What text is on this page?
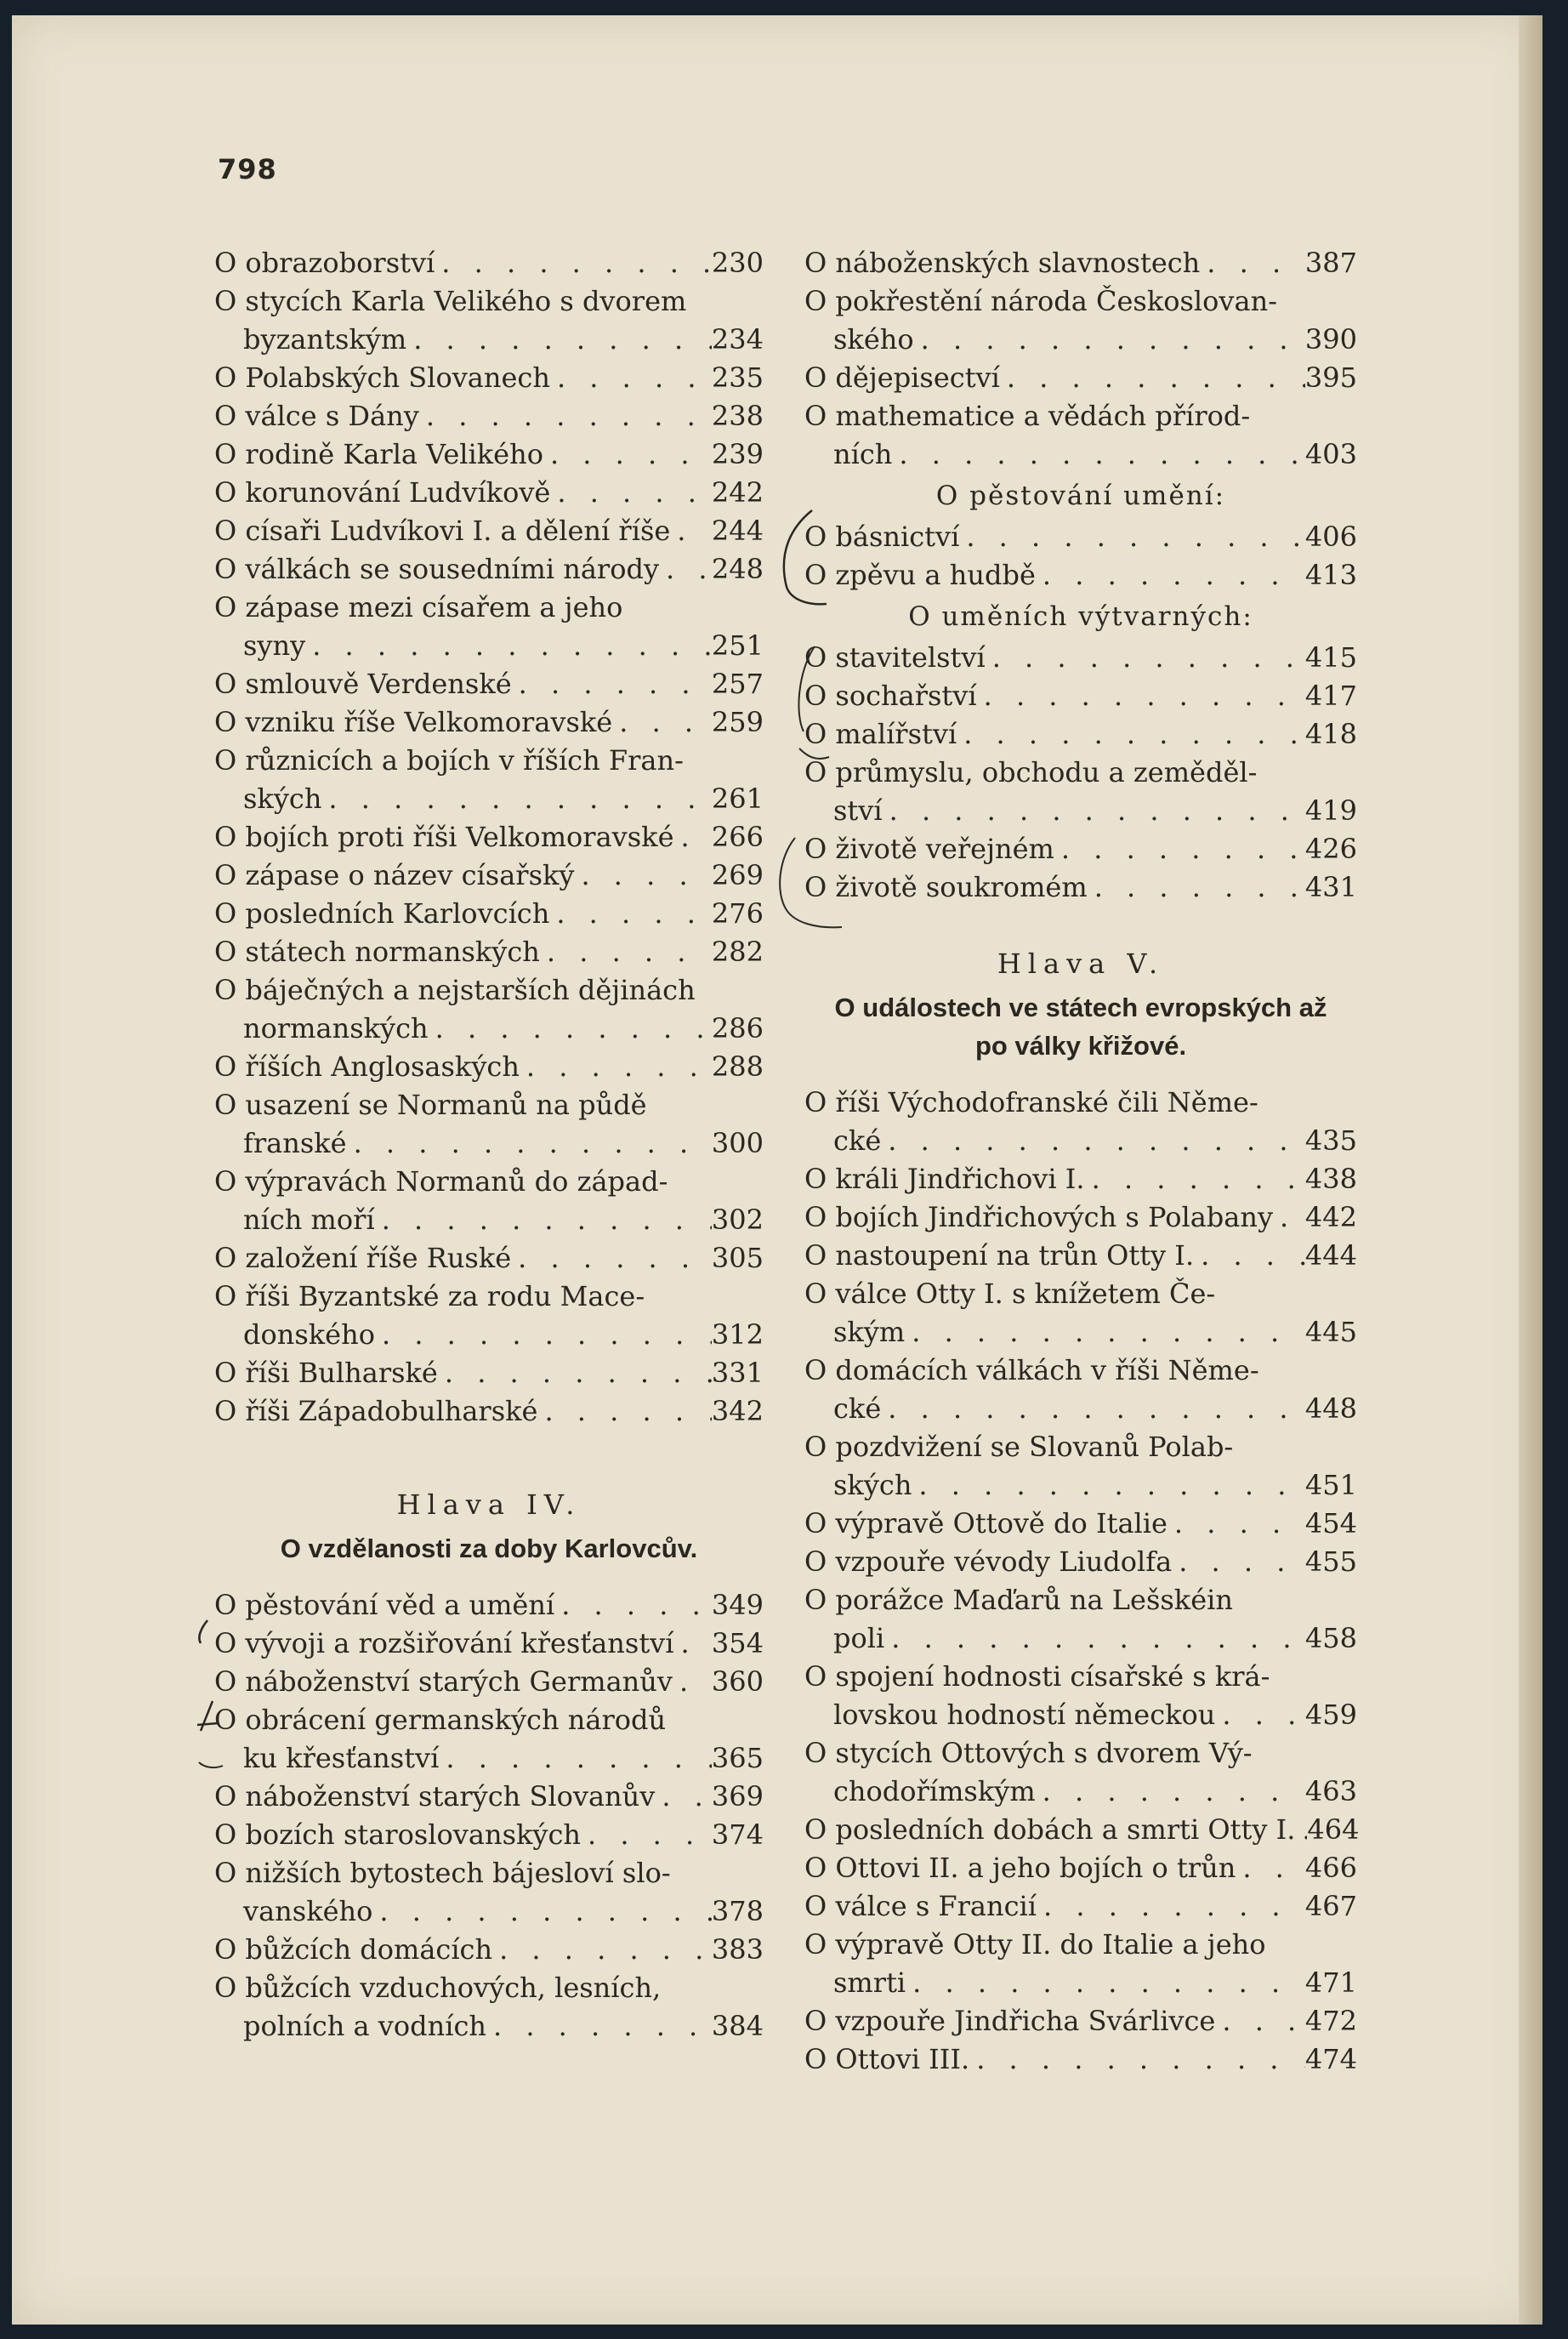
798
O obrazoborství . . .	230
O stycích Karla Velikého s dvorem
byzantským . . .	234
O Polabských Slovanech . . .	235
O válce s Dány . . .	238
O rodině Karla Velikého . . .	239
O korunování Ludvíkově . . .	242
O císaři Ludvíkovi I. a dělení říše . . . 244
O válkách se sousedními národy . . . 248
O zápase mezi císařem a jeho
syny . . .	251
O smlouvě Verdenské . . .	257
O vzniku říše Velkomoravské . . .	259
O různicích a bojích v říších Fran-
ských . . .	261
O bojích proti říši Velkomoravské . . . 266
O zápase o název císařský . . .	269
O posledních Karlovcích . . .	276
O státech normanských . . .	282
O báječných a nejstarších dějinách
normanských . . .	286
O říších Anglosaských . . .	288
O usazení se Normanů na půdě
franské . . .	300
O výpravách Normanů do západ-
ních moří . . .	302
O založení říše Ruské . . .	305
O říši Byzantské za rodu Mace-
donského . . .	312
O říši Bulharské . . .	331
O říši Západobulharské . . .	342
Hlava IV.
O vzdělanosti za doby Karlovcův.
O pěstování věd a umění . . .	349
O vývoji a rozšiřování křesťanství . . . 354
O náboženství starých Germanův . . . 360
O obrácení germanských národů
ku křesťanství . . .	365
O náboženství starých Slovanův . . . 369
O bozích staroslovanských . . .	374
O nižších bytostech bájesloví slo-
vanského . . .	378
O bůžcích domácích . . .	383
O bůžcích vzduchových, lesních,
polních a vodních . . .	384
O náboženských slavnostech . . .	387
O pokřestění národa Českoslovan-
ského . . .	390
O dějepisectví . . .	395
O mathematice a vědách přírod-
ních . . .	403
O pěstování umění:
O básnictví . . .	406
O zpěvu a hudbě . . .	413
O uměních výtvarných:
O stavitelství . . .	415
O sochařství . . .	417
O malířství . . .	418
O průmyslu, obchodu a zeměděl-
ství . . .	419
O životě veřejném . . .	426
O životě soukromém . . .	431
Hlava V.
O událostech ve státech evropských až
po války křižové.
O říši Východofranské čili Něme-
cké . . .	435
O králi Jindřichovi I. . . .	438
O bojích Jindřichových s Polabany . . . 442
O nastoupení na trůn Otty I. . . .	444
O válce Otty I. s knížetem Če-
ským . . .	445
O domácích válkách v říši Něme-
cké . . .	448
O pozdvižení se Slovanů Polab-
ských . . .	451
O výpravě Ottově do Italie . . .	454
O vzpouře vévody Liudolfa . . .	455
O porážce Maďarů na Lešskéin
poli . . .	458
O spojení hodnosti císařské s krá-
lovskou hodností německou . . .	459
O stycích Ottových s dvorem Vý-
chodořímským . . .	463
O posledních dobách a smrti Otty I. . . . 464
O Ottovi II. a jeho bojích o trůn . . .	466
O válce s Francií . . .	467
O výpravě Otty II. do Italie a jeho
smrti . . .	471
O vzpouře Jindřicha Svárlivce . . .	472
O Ottovi III. . . .	474
